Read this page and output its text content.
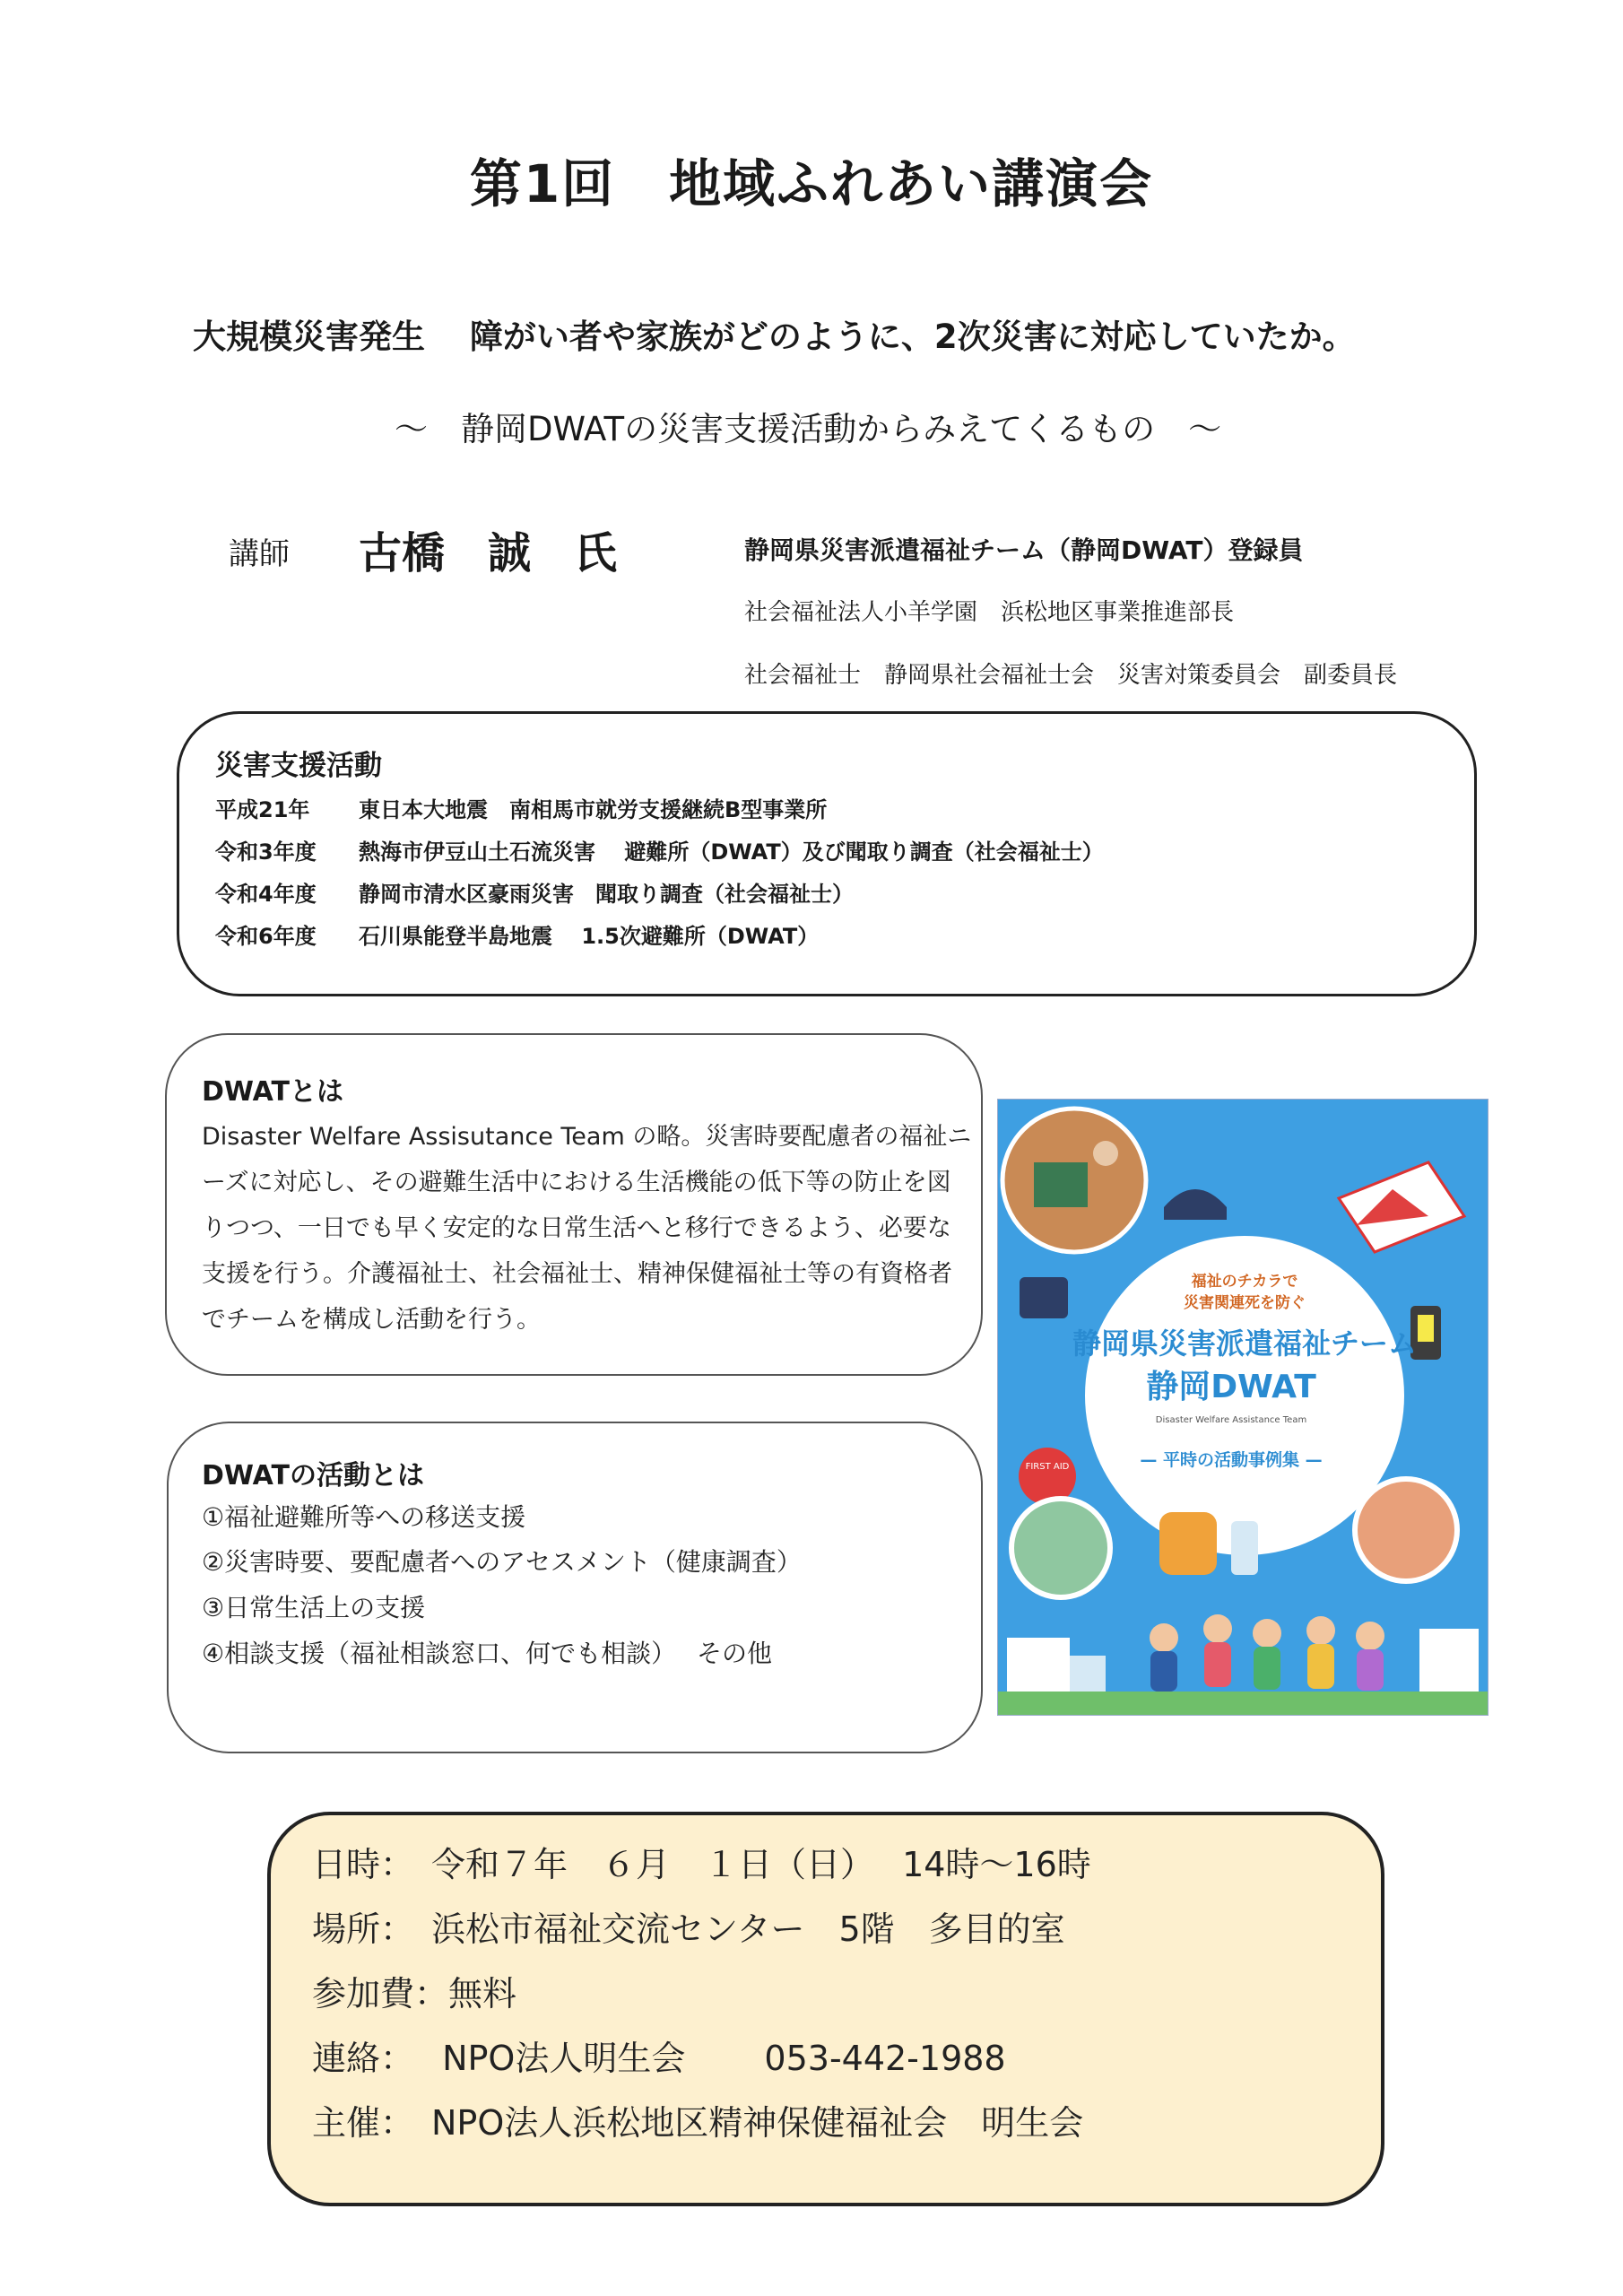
第1回　地域ふれあい講演会
大規模災害発生　 障がい者や家族がどのように、2次災害に対応していたか。
～　静岡DWATの災害支援活動からみえてくるもの　～
講師 古橋　誠　氏	静岡県災害派遣福祉チーム（静岡DWAT）登録員
社会福祉法人小羊学園　浜松地区事業推進部長
社会福祉士　静岡県社会福祉士会　災害対策委員会　副委員長
災害支援活動
平成21年 東日本大地震　南相馬市就労支援継続B型事業所
令和3年度 熱海市伊豆山土石流災害　 避難所（DWAT）及び聞取り調査（社会福祉士）
令和4年度 静岡市清水区豪雨災害　聞取り調査（社会福祉士）
令和6年度 石川県能登半島地震　 1.5次避難所（DWAT）
DWATとは
Disaster Welfare Assisutance Team の略。災害時要配慮者の福祉ニーズに対応し、その避難生活中における生活機能の低下等の防止を図りつつ、一日でも早く安定的な日常生活へと移行できるよう、必要な支援を行う。介護福祉士、社会福祉士、精神保健福祉士等の有資格者でチームを構成し活動を行う。
DWATの活動とは
①福祉避難所等への移送支援
②災害時要、要配慮者へのアセスメント（健康調査）
③日常生活上の支援
④相談支援（福祉相談窓口、何でも相談）　 その他
FIRST AID
福祉のチカラで
災害関連死を防ぐ
静岡県災害派遣福祉チーム
静岡DWAT
Disaster Welfare Assistance Team
— 平時の活動事例集 —
日時：　令和７年　６月　１日（日）　 14時～16時
場所：　浜松市福祉交流センター　5階　多目的室
参加費：無料
連絡：　 NPO法人明生会　　 053-442-1988
主催：　NPO法人浜松地区精神保健福祉会　明生会
